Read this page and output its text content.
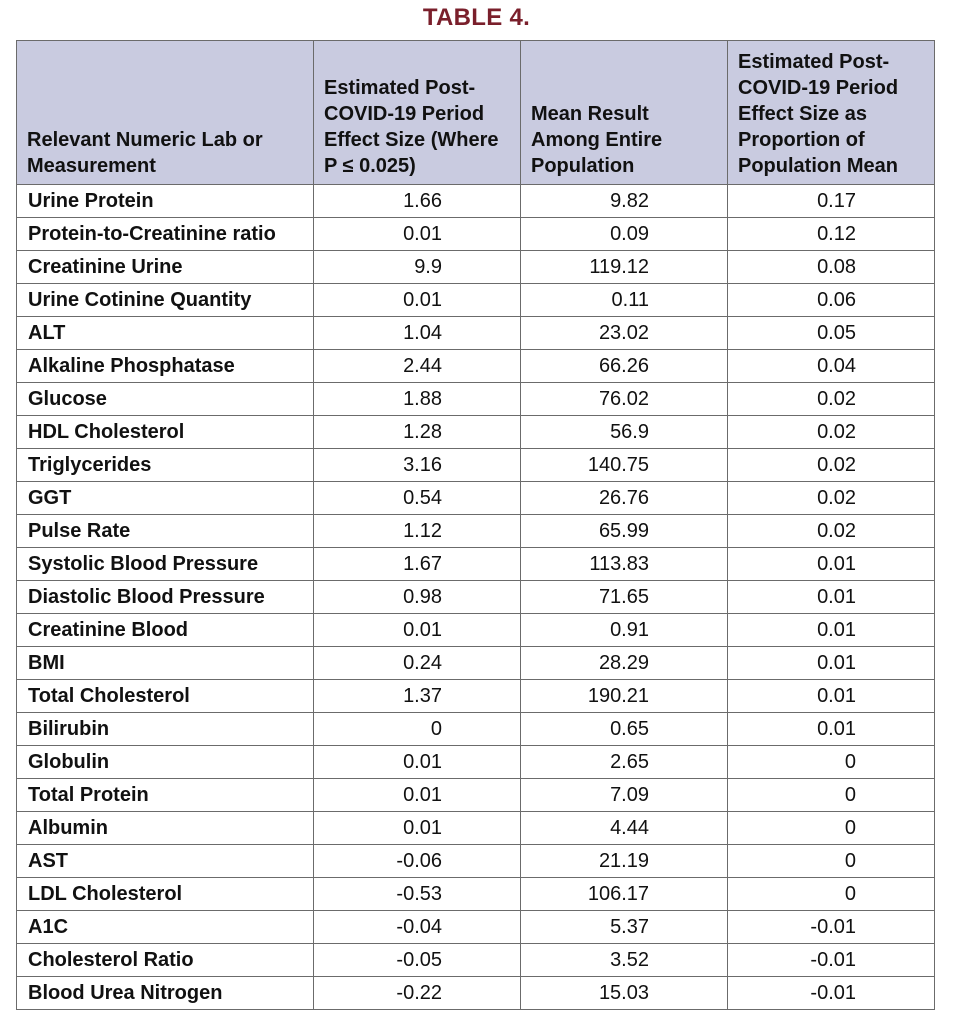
TABLE 4.
Relevant Numeric Lab or Measurement	Estimated Post-COVID-19 Period Effect Size (Where P ≤ 0.025)	Mean Result Among Entire Population	Estimated Post-COVID-19 Period Effect Size as Proportion of Population Mean
Urine Protein	1.66	9.82	0.17
Protein-to-Creatinine ratio	0.01	0.09	0.12
Creatinine Urine	9.9	119.12	0.08
Urine Cotinine Quantity	0.01	0.11	0.06
ALT	1.04	23.02	0.05
Alkaline Phosphatase	2.44	66.26	0.04
Glucose	1.88	76.02	0.02
HDL Cholesterol	1.28	56.9	0.02
Triglycerides	3.16	140.75	0.02
GGT	0.54	26.76	0.02
Pulse Rate	1.12	65.99	0.02
Systolic Blood Pressure	1.67	113.83	0.01
Diastolic Blood Pressure	0.98	71.65	0.01
Creatinine Blood	0.01	0.91	0.01
BMI	0.24	28.29	0.01
Total Cholesterol	1.37	190.21	0.01
Bilirubin	0	0.65	0.01
Globulin	0.01	2.65	0
Total Protein	0.01	7.09	0
Albumin	0.01	4.44	0
AST	-0.06	21.19	0
LDL Cholesterol	-0.53	106.17	0
A1C	-0.04	5.37	-0.01
Cholesterol Ratio	-0.05	3.52	-0.01
Blood Urea Nitrogen	-0.22	15.03	-0.01
